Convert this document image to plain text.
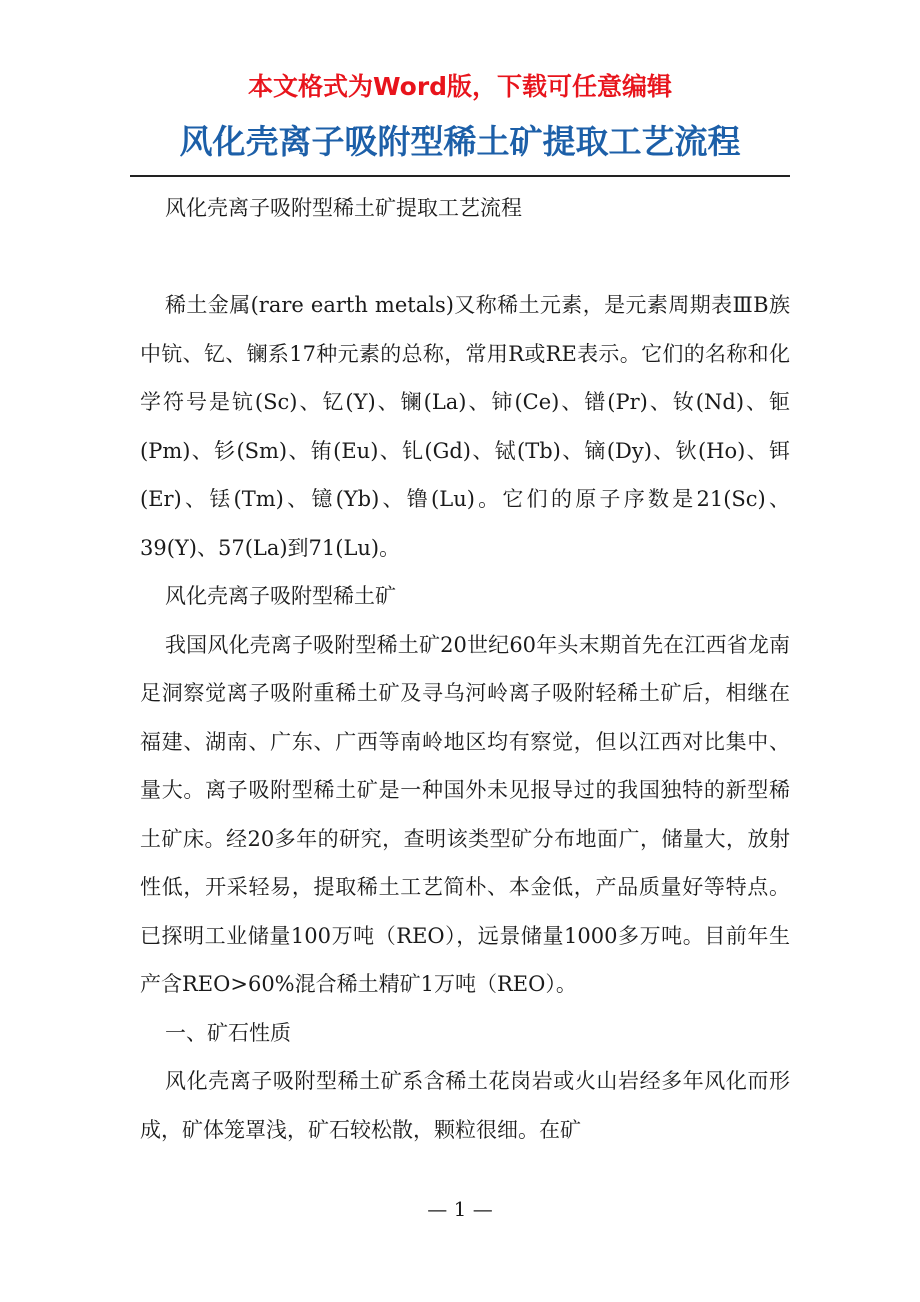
本文格式为Word版，下载可任意编辑
风化壳离子吸附型稀土矿提取工艺流程

风化壳离子吸附型稀土矿提取工艺流程

稀土金属(rare earth metals)又称稀土元素，是元素周期表ⅢB族中钪、钇、镧系17种元素的总称，常用R或RE表示。它们的名称和化学符号是钪(Sc)、钇(Y)、镧(La)、铈(Ce)、镨(Pr)、钕(Nd)、钷(Pm)、钐(Sm)、铕(Eu)、钆(Gd)、铽(Tb)、镝(Dy)、钬(Ho)、铒(Er)、铥(Tm)、镱(Yb)、镥(Lu)。它们的原子序数是21(Sc)、39(Y)、57(La)到71(Lu)。

风化壳离子吸附型稀土矿

我国风化壳离子吸附型稀土矿20世纪60年头末期首先在江西省龙南足洞察觉离子吸附重稀土矿及寻乌河岭离子吸附轻稀土矿后，相继在福建、湖南、广东、广西等南岭地区均有察觉，但以江西对比集中、量大。离子吸附型稀土矿是一种国外未见报导过的我国独特的新型稀土矿床。经20多年的研究，查明该类型矿分布地面广，储量大，放射性低，开采轻易，提取稀土工艺简朴、本金低，产品质量好等特点。已探明工业储量100万吨（REO），远景储量1000多万吨。目前年生产含REO>60%混合稀土精矿1万吨（REO）。

一、矿石性质

风化壳离子吸附型稀土矿系含稀土花岗岩或火山岩经多年风化而形成，矿体笼罩浅，矿石较松散，颗粒很细。在矿

— 1 —
